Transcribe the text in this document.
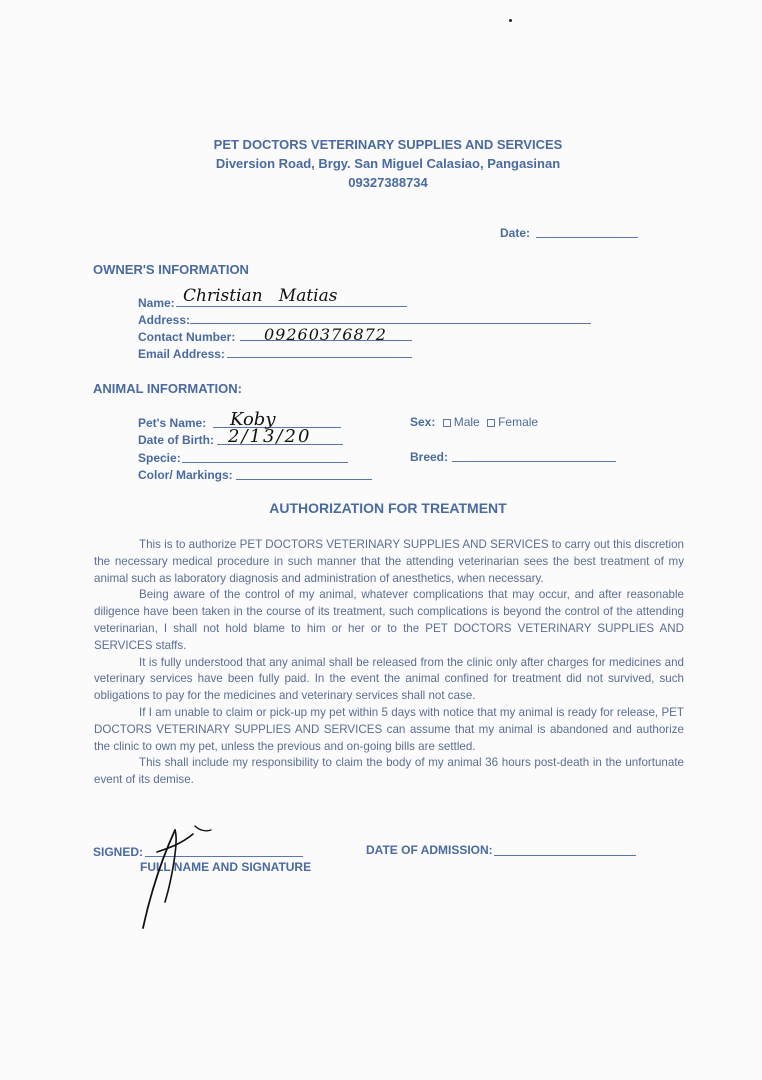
PET DOCTORS VETERINARY SUPPLIES AND SERVICES
Diversion Road, Brgy. San Miguel Calasiao, Pangasinan
09327388734
Date:
OWNER'S INFORMATION
Name: Christian   Matias
Address:
Contact Number: 09260376872
Email Address:
ANIMAL INFORMATION:
Pet's Name: Koby
Date of Birth: 2/13/20
Specie:
Color/ Markings:
Sex: Male Female
Breed:
AUTHORIZATION FOR TREATMENT

This is to authorize PET DOCTORS VETERINARY SUPPLIES AND SERVICES to carry out this discretion the necessary medical procedure in such manner that the attending veterinarian sees the best treatment of my animal such as laboratory diagnosis and administration of anesthetics, when necessary.

Being aware of the control of my animal, whatever complications that may occur, and after reasonable diligence have been taken in the course of its treatment, such complications is beyond the control of the attending veterinarian, I shall not hold blame to him or her or to the PET DOCTORS VETERINARY SUPPLIES AND SERVICES staffs.

It is fully understood that any animal shall be released from the clinic only after charges for medicines and veterinary services have been fully paid. In the event the animal confined for treatment did not survived, such obligations to pay for the medicines and veterinary services shall not case.

If I am unable to claim or pick-up my pet within 5 days with notice that my animal is ready for release, PET DOCTORS VETERINARY SUPPLIES AND SERVICES can assume that my animal is abandoned and authorize the clinic to own my pet, unless the previous and on-going bills are settled.

This shall include my responsibility to claim the body of my animal 36 hours post-death in the unfortunate event of its demise.

SIGNED:
FULL NAME AND SIGNATURE
DATE OF ADMISSION:
